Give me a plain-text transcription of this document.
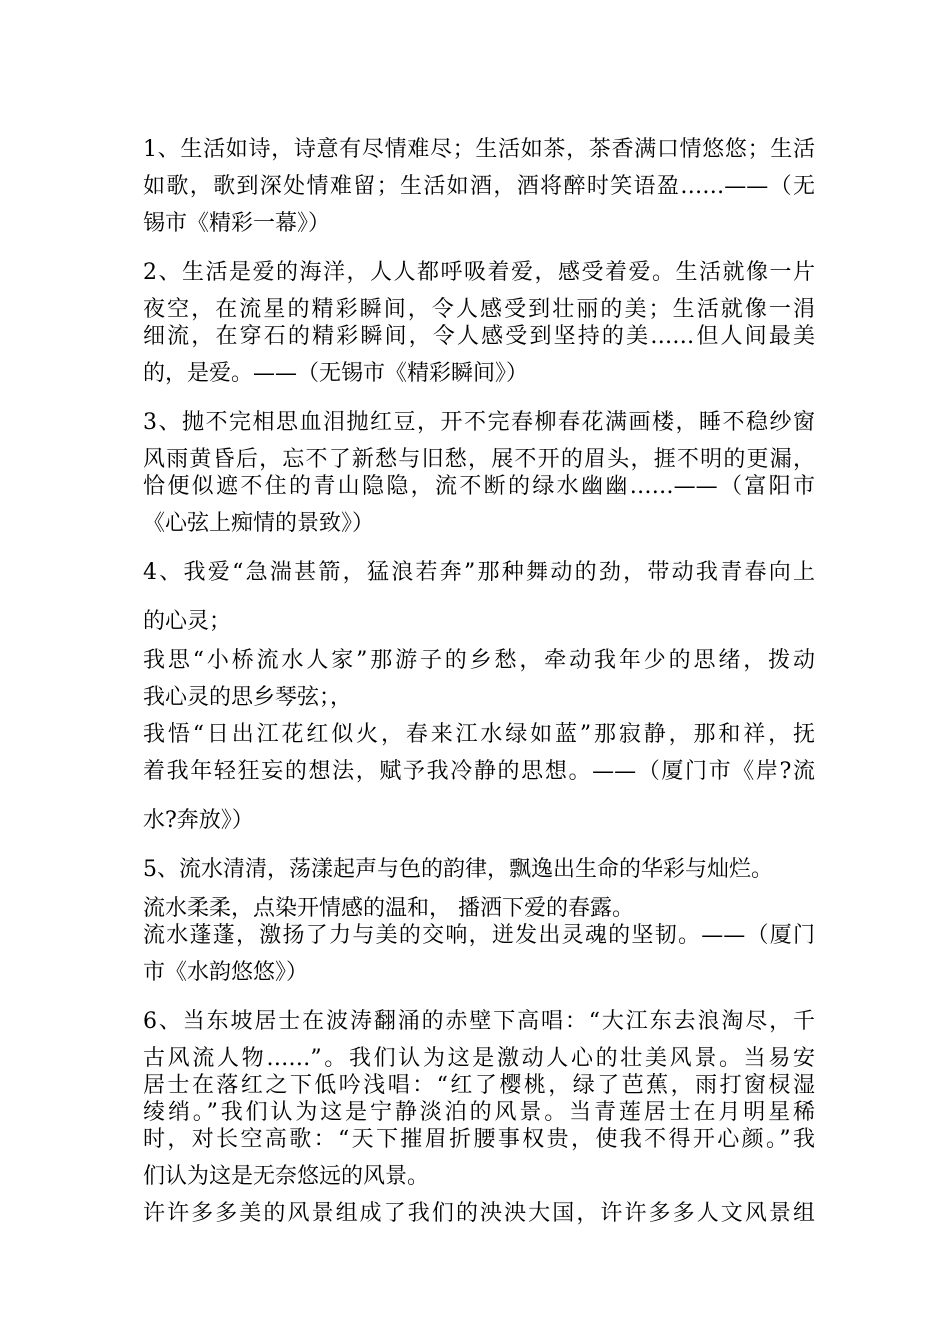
1、生活如诗，诗意有尽情难尽；生活如茶，茶香满口情悠悠；生活

如歌，歌到深处情难留；生活如酒，酒将醉时笑语盈……——（无

锡市《精彩一幕》）

2、生活是爱的海洋，人人都呼吸着爱，感受着爱。生活就像一片

夜空，在流星的精彩瞬间，令人感受到壮丽的美；生活就像一涓

细流，在穿石的精彩瞬间，令人感受到坚持的美……但人间最美

的，是爱。——（无锡市《精彩瞬间》）

3、抛不完相思血泪抛红豆，开不完春柳春花满画楼，睡不稳纱窗

风雨黄昏后，忘不了新愁与旧愁，展不开的眉头，捱不明的更漏，

恰便似遮不住的青山隐隐，流不断的绿水幽幽……——（富阳市

《心弦上痴情的景致》）

4、我爱“急湍甚箭，猛浪若奔”那种舞动的劲，带动我青春向上

的心灵；

我思“小桥流水人家”那游子的乡愁，牵动我年少的思绪，拨动

我心灵的思乡琴弦；，

我悟“日出江花红似火，春来江水绿如蓝”那寂静，那和祥，抚

着我年轻狂妄的想法，赋予我冷静的思想。——（厦门市《岸?流

水?奔放》）

5、流水清清，荡漾起声与色的韵律，飘逸出生命的华彩与灿烂。

流水柔柔，点染开情感的温和， 播洒下爱的春露。

流水蓬蓬，激扬了力与美的交响，迸发出灵魂的坚韧。——（厦门

市《水韵悠悠》）

6、当东坡居士在波涛翻涌的赤壁下高唱：“大江东去浪淘尽，千

古风流人物……”。我们认为这是激动人心的壮美风景。当易安

居士在落红之下低吟浅唱：“红了樱桃，绿了芭蕉，雨打窗棂湿

绫绡。”我们认为这是宁静淡泊的风景。当青莲居士在月明星稀

时，对长空高歌：“天下摧眉折腰事权贵，使我不得开心颜。”我

们认为这是无奈悠远的风景。

许许多多美的风景组成了我们的泱泱大国，许许多多人文风景组
